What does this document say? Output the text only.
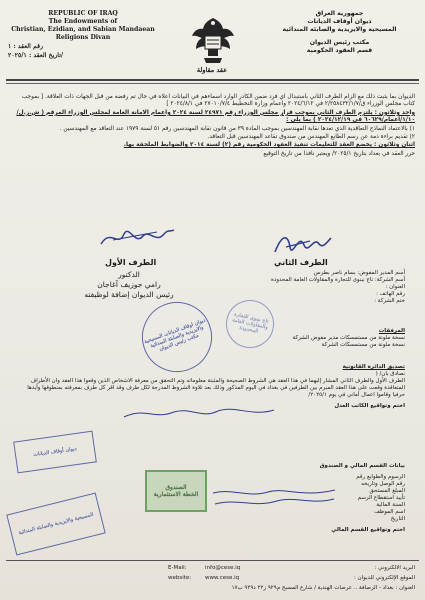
REPUBLIC OF IRAQ
The Endowments of
Christian, Ezidian, and Sabian Mandaean
Religions Divan
رقم العقد : ١
تاريخ العقد : ٢٠٢٥/١/
عقد مقاولة
جمهورية العراق
ديوان أوقاف الديانات
المسيحية والايزيدية والصابئة المندائية
مكتب رئيس الديوان
قسم العقود الحكومية

الديوان بما يثبت ذلك مع الزام الطرف الثاني باستبدال اي فرد ضمن الكادر الوارد اسماءهم في البيانات اعلاه في حال تم رفضه من قبل الجهات ذات العلاقة. [ بموجب كتاب مجلس الوزراء ق/٢/٢٥٨٤٣٢/١/٧ في ٢٠٢٤/٦/١٢ واعمام وزارة التخطيط ٢٧٠١٠/٧/٤ في ٢٠٢٤/٨/١ ]

واحد وثلاثون : يلتزم الطرف الثاني بموجب قرار مجلس الوزراء رقم ٢٤٩٧١ لسنة ٢٠٢٤ واعمام الامانة العامة لمجلس الوزراء المرقم ( ش.ز.ل/١/١٠/اعمام/٦٠٦٢٩ في ٢٠٢٤/١٢/١٩ ) بما يلي :

١) بالاعتماد النماذج التعاقدية الذي تعدها نقابة المهندسين بموجب المادة ٣٩ من قانون نقابة المهندسين رقم ٥١ لسنة ١٩٧٩ عند التعاقد مع المهندسين .

٢) تقديم براءة ذمة عن رسم الطابع المهندس من صندوق تقاعد المهندسين قبل التعاقد.

اثنان وثلاثون : يخضع العقد للتعليمات تنفيذ العقود الحكومية رقم (٢) لسنة ٢٠١٤ والضوابط الملحقة بها.

حرر العقد في بغداد بتاريخ ٢٠٢٥/١/ ويعتبر نافذا من تاريخ التوقيع

الطرف الثاني
الطرف الأول
أسم المدير المفوض: بسام ناصر بطرس
أسم الشركة: تاج نينوى للتجارة والمقاولات العامة المحدودة
العنوان :
رقم الهاتف :
ختم الشركة :
الدكتور
رامي جوزيف آغاجان
رئيس الديوان إضافة لوظيفته
ديوان اوقاف الديانات المسيحية والايزيدية والصابئة المندائية مكتب رئيس الديوان
تاج نينوى للتجارة والمقاولات العامة المحدودة	المرفقات
نسخة ملونة من مستمسكات مدير مفوض الشركة
نسخة ملونة من مستمسكات الشركة
تصديق الدائرة القانونية
نصادق بان/ (
الطرف الأول والطرف الثاني المشار إليهما في هذا العقد هي الشروط الصحيحة والمثبتة معلوماته وتم التحقق من معرفة الاشخاص الذين وقعوا هذا العقد وان الأطراف المتعاقدة وقعت على هذا العقد المبرم بين الطرفين في بغداد في اليوم المذكور وذلك بعد تلاوة الشروط المدرجة لكل طرف وقد اقر كل طرف بمعرفته بمنطوقها وأيدها حرفيا وقاموا اعمال أماني في يوم ٢٠٢٥/١/
اختم وتواقيع الكاتب العدل
بيانات القسم المالي و الصندوق
الرسوم والطوابع رقم
رقم الوصل وتاريخه
المبلغ المستحق
تأييد استقطاع الرسم
السنة المالية
اسم الموظف
التاريخ
اختم وتواقيع القسم المالي
الصندوق
الخطة الاستثمارية
ديوان أوقاف الديانات
المسيحية والايزيدية والصابئة المندائية
E-Mail:	info@cese.iq
website:	www.cese.iq
البريد الالكتروني :
الموقع الإلكتروني للديوان :
العنوان : بغداد - الرصافة .. عرصات الهندية / شارع المسبح م٩٢٩ ز٢٢ د٩٢٩ ب١٧
